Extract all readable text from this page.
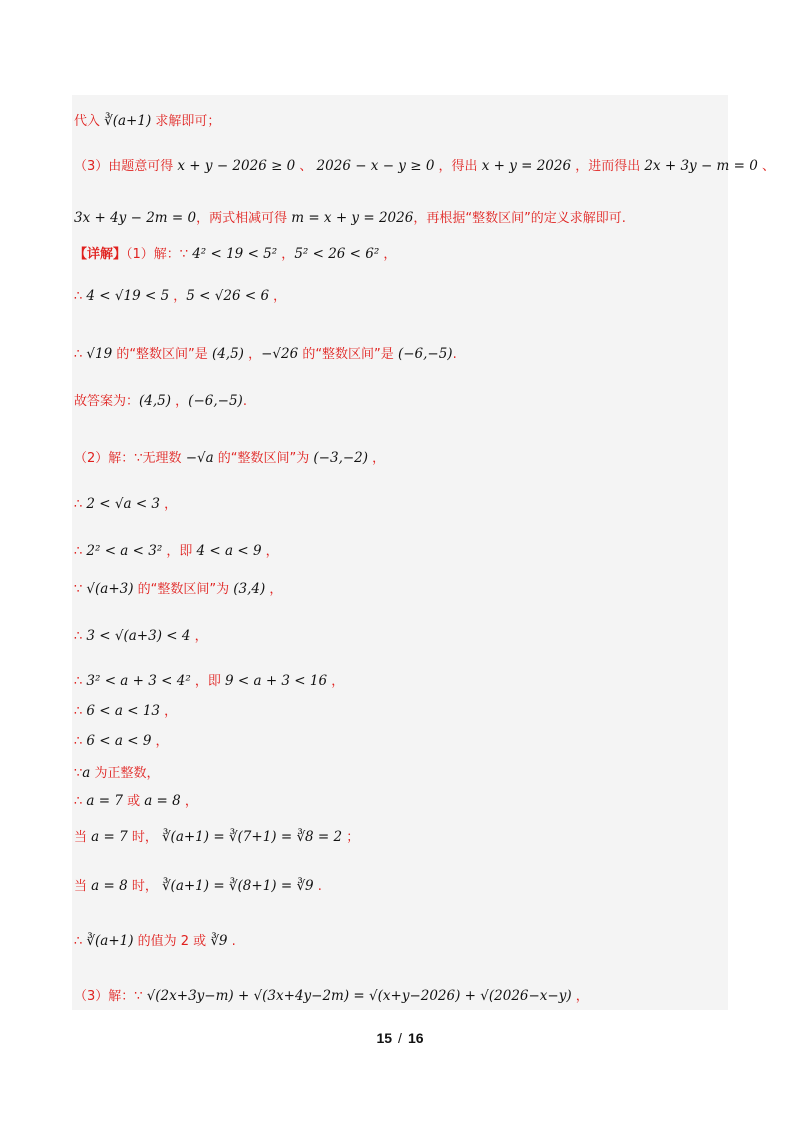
代入 ∛(a+1) 求解即可；
（3）由题意可得 x + y − 2026 ≥ 0 、 2026 − x − y ≥ 0 ，得出 x + y = 2026 ，进而得出 2x + 3y − m = 0 、
3x + 4y − 2m = 0，两式相减可得 m = x + y = 2026，再根据“整数区间”的定义求解即可.
【详解】（1）解：∵ 4² < 19 < 5² ，5² < 26 < 6² ，
∴ 4 < √19 < 5 ，5 < √26 < 6 ，
∴ √19 的“整数区间”是 (4,5) ，−√26 的“整数区间”是 (−6,−5).
故答案为：(4,5) ，(−6,−5).
（2）解：∵无理数 −√a 的“整数区间”为 (−3,−2) ，
∴ 2 < √a < 3 ，
∴ 2² < a < 3² ，即 4 < a < 9 ，
∵ √(a+3) 的“整数区间”为 (3,4) ，
∴ 3 < √(a+3) < 4 ，
∴ 3² < a + 3 < 4² ，即 9 < a + 3 < 16 ，
∴ 6 < a < 13 ，
∴ 6 < a < 9 ，
∵a 为正整数，
∴ a = 7 或 a = 8 ，
当 a = 7 时， ∛(a+1) = ∛(7+1) = ∛8 = 2 ；
当 a = 8 时， ∛(a+1) = ∛(8+1) = ∛9 .
∴ ∛(a+1) 的值为 2 或 ∛9 .
（3）解：∵ √(2x+3y−m) + √(3x+4y−2m) = √(x+y−2026) + √(2026−x−y) ，
15 / 16
